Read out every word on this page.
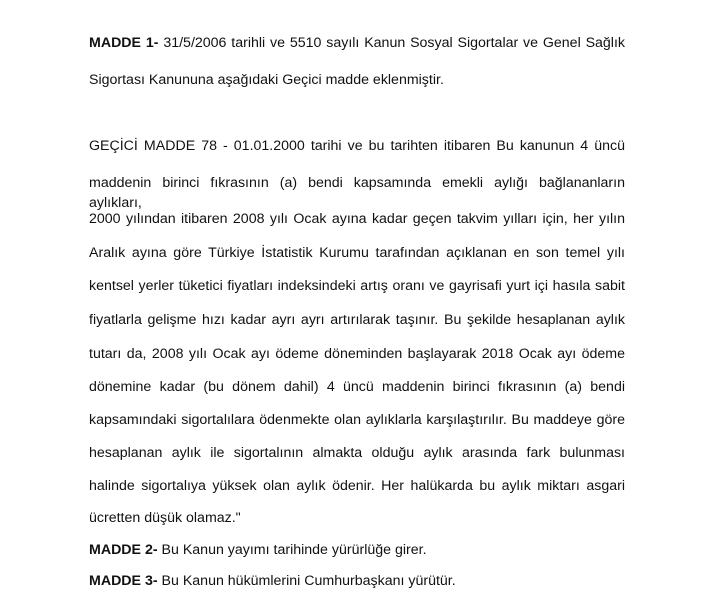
MADDE 1- 31/5/2006 tarihli ve 5510 sayılı Kanun Sosyal Sigortalar ve Genel Sağlık
Sigortası Kanununa aşağıdaki Geçici madde eklenmiştir.
GEÇİCİ MADDE 78 - 01.01.2000 tarihi ve bu tarihten itibaren Bu kanunun 4 üncü
maddenin birinci fıkrasının (a) bendi kapsamında emekli aylığı bağlananların aylıkları,
2000 yılından itibaren 2008 yılı Ocak ayına kadar geçen takvim yılları için, her yılın
Aralık ayına göre Türkiye İstatistik Kurumu tarafından açıklanan en son temel yılı
kentsel yerler tüketici fiyatları indeksindeki artış oranı ve gayrisafi yurt içi hasıla sabit
fiyatlarla gelişme hızı kadar ayrı ayrı artırılarak taşınır. Bu şekilde hesaplanan aylık
tutarı da, 2008 yılı Ocak ayı ödeme döneminden başlayarak 2018 Ocak ayı ödeme
dönemine kadar (bu dönem dahil) 4 üncü maddenin birinci fıkrasının (a) bendi
kapsamındaki sigortalılara ödenmekte olan aylıklarla karşılaştırılır. Bu maddeye göre
hesaplanan aylık ile sigortalının almakta olduğu aylık arasında fark bulunması
halinde sigortalıya yüksek olan aylık ödenir. Her halükarda bu aylık miktarı asgari
ücretten düşük olamaz."
MADDE 2- Bu Kanun yayımı tarihinde yürürlüğe girer.
MADDE 3- Bu Kanun hükümlerini Cumhurbaşkanı yürütür.
